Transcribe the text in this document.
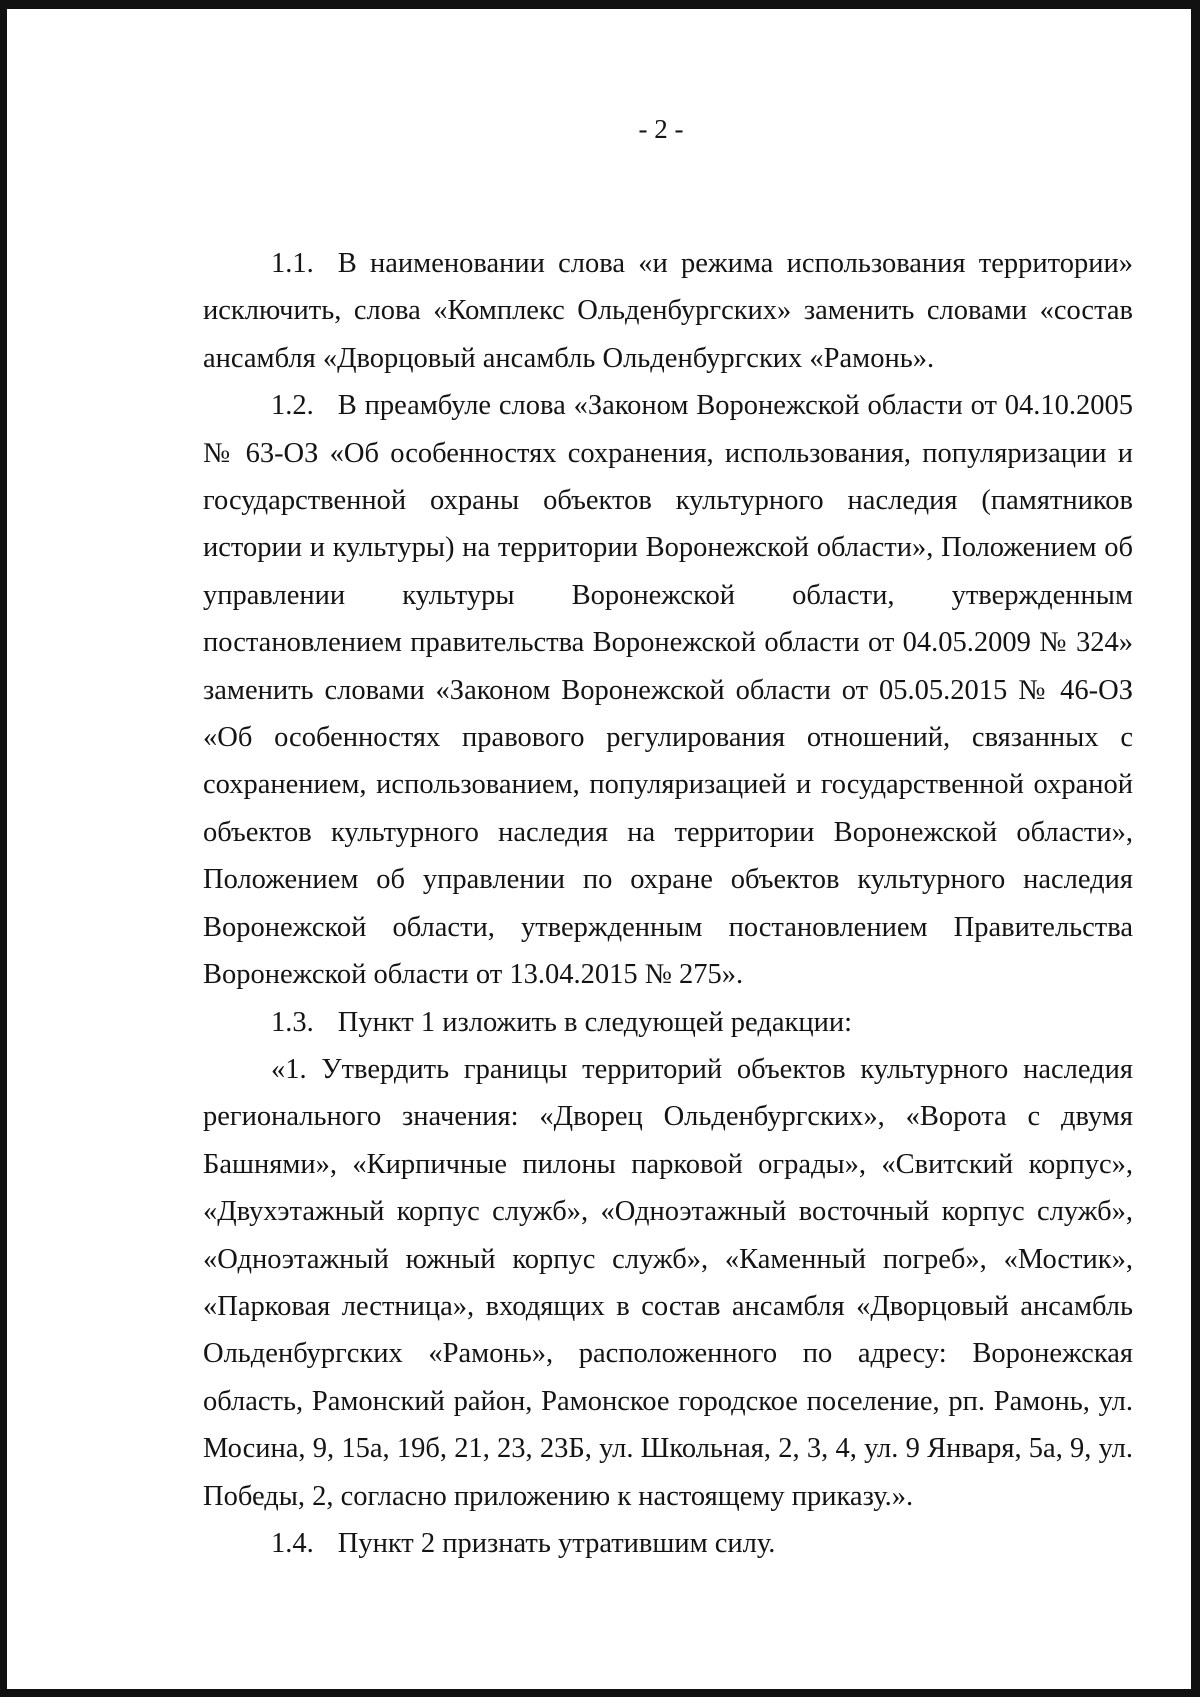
- 2 -

1.1. В наименовании слова «и режима использования территории» исключить, слова «Комплекс Ольденбургских» заменить словами «состав ансамбля «Дворцовый ансамбль Ольденбургских «Рамонь».

1.2. В преамбуле слова «Законом Воронежской области от 04.10.2005 № 63-ОЗ «Об особенностях сохранения, использования, популяризации и государственной охраны объектов культурного наследия (памятников истории и культуры) на территории Воронежской области», Положением об управлении культуры Воронежской области, утвержденным постановлением правительства Воронежской области от 04.05.2009 № 324» заменить словами «Законом Воронежской области от 05.05.2015 № 46-ОЗ «Об особенностях правового регулирования отношений, связанных с сохранением, использованием, популяризацией и государственной охраной объектов культурного наследия на территории Воронежской области», Положением об управлении по охране объектов культурного наследия Воронежской области, утвержденным постановлением Правительства Воронежской области от 13.04.2015 № 275».

1.3. Пункт 1 изложить в следующей редакции:

«1. Утвердить границы территорий объектов культурного наследия регионального значения: «Дворец Ольденбургских», «Ворота с двумя Башнями», «Кирпичные пилоны парковой ограды», «Свитский корпус», «Двухэтажный корпус служб», «Одноэтажный восточный корпус служб», «Одноэтажный южный корпус служб», «Каменный погреб», «Мостик», «Парковая лестница», входящих в состав ансамбля «Дворцовый ансамбль Ольденбургских «Рамонь», расположенного по адресу: Воронежская область, Рамонский район, Рамонское городское поселение, рп. Рамонь, ул. Мосина, 9, 15а, 19б, 21, 23, 23Б, ул. Школьная, 2, 3, 4, ул. 9 Января, 5а, 9, ул. Победы, 2, согласно приложению к настоящему приказу.».

1.4. Пункт 2 признать утратившим силу.
